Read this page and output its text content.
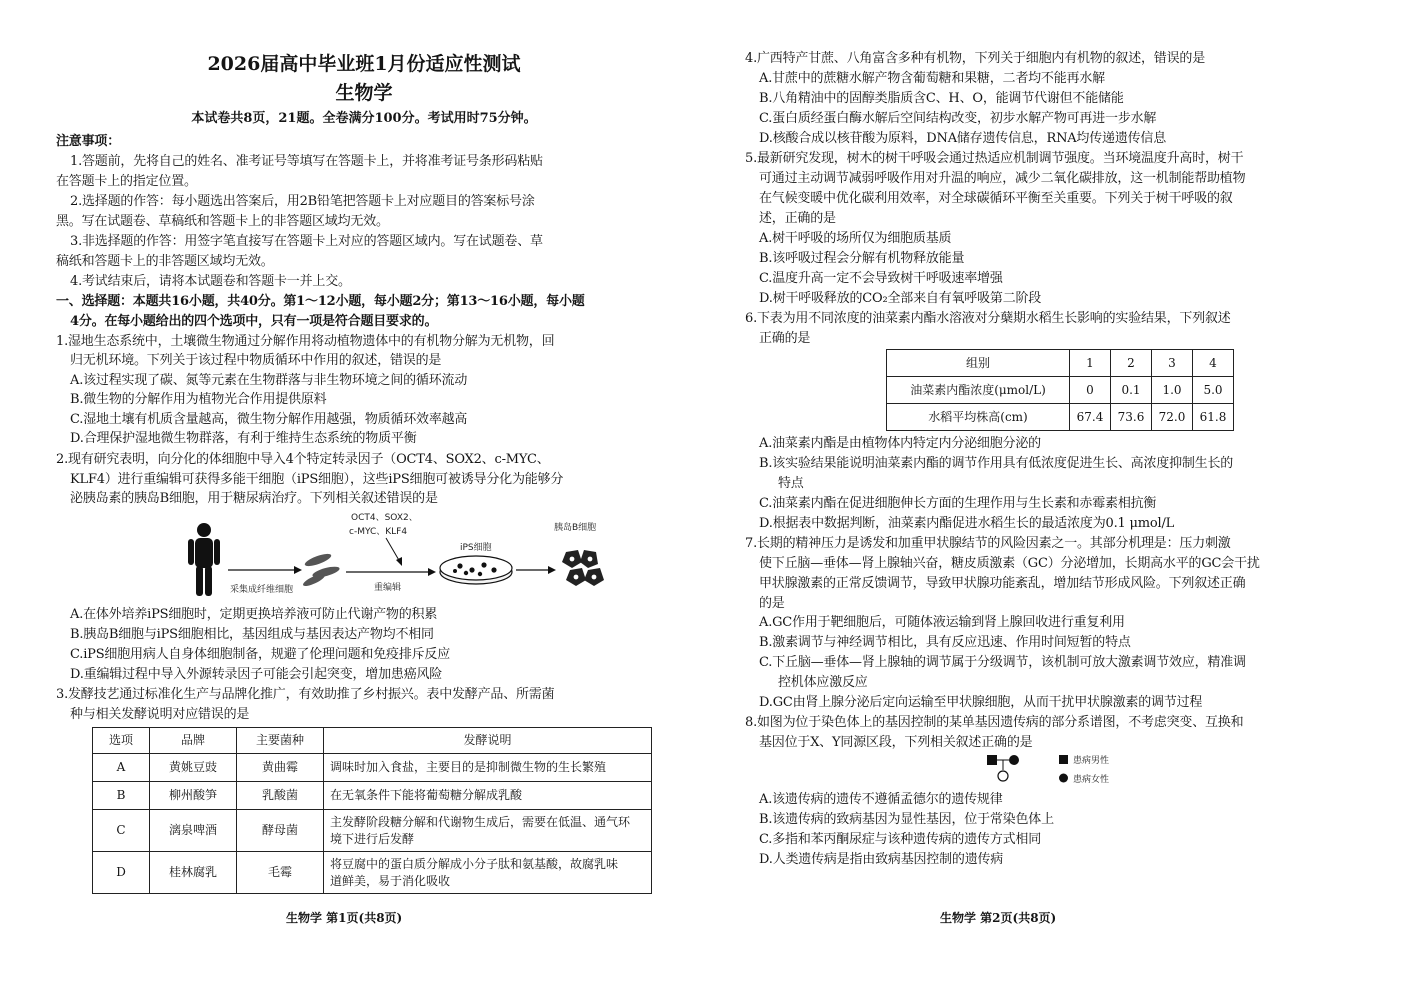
2026届高中毕业班1月份适应性测试
生物学
本试卷共8页，21题。全卷满分100分。考试用时75分钟。
注意事项：
1.答题前，先将自己的姓名、准考证号等填写在答题卡上，并将准考证号条形码粘贴
在答题卡上的指定位置。
2.选择题的作答：每小题选出答案后，用2B铅笔把答题卡上对应题目的答案标号涂
黑。写在试题卷、草稿纸和答题卡上的非答题区域均无效。
3.非选择题的作答：用签字笔直接写在答题卡上对应的答题区域内。写在试题卷、草
稿纸和答题卡上的非答题区域均无效。
4.考试结束后，请将本试题卷和答题卡一并上交。
一、选择题：本题共16小题，共40分。第1～12小题，每小题2分；第13～16小题，每小题
4分。在每小题给出的四个选项中，只有一项是符合题目要求的。
1.湿地生态系统中，土壤微生物通过分解作用将动植物遗体中的有机物分解为无机物，回
归无机环境。下列关于该过程中物质循环中作用的叙述，错误的是
A.该过程实现了碳、氮等元素在生物群落与非生物环境之间的循环流动
B.微生物的分解作用为植物光合作用提供原料
C.湿地土壤有机质含量越高，微生物分解作用越强，物质循环效率越高
D.合理保护湿地微生物群落，有利于维持生态系统的物质平衡
2.现有研究表明，向分化的体细胞中导入4个特定转录因子（OCT4、SOX2、c-MYC、
KLF4）进行重编辑可获得多能干细胞（iPS细胞），这些iPS细胞可被诱导分化为能够分
泌胰岛素的胰岛B细胞，用于糖尿病治疗。下列相关叙述错误的是
采集成纤维细胞
OCT4、SOX2、
c-MYC、KLF4
重编辑
iPS细胞
胰岛B细胞
A.在体外培养iPS细胞时，定期更换培养液可防止代谢产物的积累
B.胰岛B细胞与iPS细胞相比，基因组成与基因表达产物均不相同
C.iPS细胞用病人自身体细胞制备，规避了伦理问题和免疫排斥反应
D.重编辑过程中导入外源转录因子可能会引起突变，增加患癌风险
3.发酵技艺通过标准化生产与品牌化推广，有效助推了乡村振兴。表中发酵产品、所需菌
种与相关发酵说明对应错误的是
选项	品牌	主要菌种	发酵说明
A	黄姚豆豉	黄曲霉	调味时加入食盐，主要目的是抑制微生物的生长繁殖

B	柳州酸笋	乳酸菌	在无氧条件下能将葡萄糖分解成乳酸

C	漓泉啤酒	酵母菌	主发酵阶段糖分解和代谢物生成后，需要在低温、通气环
境下进行后发酵

D	桂林腐乳	毛霉	将豆腐中的蛋白质分解成小分子肽和氨基酸，故腐乳味
道鲜美，易于消化吸收
生物学 第1页(共8页)
4.广西特产甘蔗、八角富含多种有机物，下列关于细胞内有机物的叙述，错误的是
A.甘蔗中的蔗糖水解产物含葡萄糖和果糖，二者均不能再水解
B.八角精油中的固醇类脂质含C、H、O，能调节代谢但不能储能
C.蛋白质经蛋白酶水解后空间结构改变，初步水解产物可再进一步水解
D.核酸合成以核苷酸为原料，DNA储存遗传信息，RNA均传递遗传信息
5.最新研究发现，树木的树干呼吸会通过热适应机制调节强度。当环境温度升高时，树干
可通过主动调节减弱呼吸作用对升温的响应，减少二氧化碳排放，这一机制能帮助植物
在气候变暖中优化碳利用效率，对全球碳循环平衡至关重要。下列关于树干呼吸的叙
述，正确的是
A.树干呼吸的场所仅为细胞质基质
B.该呼吸过程会分解有机物释放能量
C.温度升高一定不会导致树干呼吸速率增强
D.树干呼吸释放的CO₂全部来自有氧呼吸第二阶段
6.下表为用不同浓度的油菜素内酯水溶液对分蘖期水稻生长影响的实验结果，下列叙述
正确的是
组别	1	2	3	4
油菜素内酯浓度(μmol/L)	0	0.1	1.0	5.0
水稻平均株高(cm)	67.4	73.6	72.0	61.8
A.油菜素内酯是由植物体内特定内分泌细胞分泌的
B.该实验结果能说明油菜素内酯的调节作用具有低浓度促进生长、高浓度抑制生长的
特点
C.油菜素内酯在促进细胞伸长方面的生理作用与生长素和赤霉素相抗衡
D.根据表中数据判断，油菜素内酯促进水稻生长的最适浓度为0.1 μmol/L
7.长期的精神压力是诱发和加重甲状腺结节的风险因素之一。其部分机理是：压力刺激
使下丘脑—垂体—肾上腺轴兴奋，糖皮质激素（GC）分泌增加，长期高水平的GC会干扰
甲状腺激素的正常反馈调节，导致甲状腺功能紊乱，增加结节形成风险。下列叙述正确
的是
A.GC作用于靶细胞后，可随体液运输到肾上腺回收进行重复利用
B.激素调节与神经调节相比，具有反应迅速、作用时间短暂的特点
C.下丘脑—垂体—肾上腺轴的调节属于分级调节，该机制可放大激素调节效应，精准调
控机体应激反应
D.GC由肾上腺分泌后定向运输至甲状腺细胞，从而干扰甲状腺激素的调节过程
8.如图为位于染色体上的基因控制的某单基因遗传病的部分系谱图，不考虑突变、互换和
基因位于X、Y同源区段，下列相关叙述正确的是
患病男性
患病女性
A.该遗传病的遗传不遵循孟德尔的遗传规律
B.该遗传病的致病基因为显性基因，位于常染色体上
C.多指和苯丙酮尿症与该种遗传病的遗传方式相同
D.人类遗传病是指由致病基因控制的遗传病
生物学 第2页(共8页)
